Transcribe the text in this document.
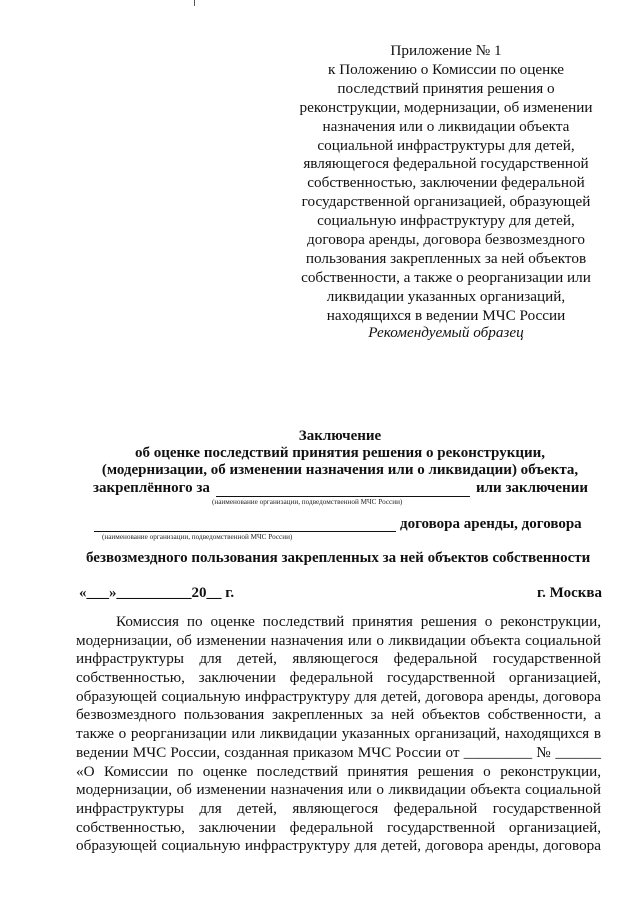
Приложение № 1
к Положению о Комиссии по оценке
последствий принятия решения о
реконструкции, модернизации, об изменении
назначения или о ликвидации объекта
социальной инфраструктуры для детей,
являющегося федеральной государственной
собственностью, заключении федеральной
государственной организацией, образующей
социальную инфраструктуру для детей,
договора аренды, договора безвозмездного
пользования закрепленных за ней объектов
собственности, а также о реорганизации или
ликвидации указанных организаций,
находящихся в ведении МЧС России
Рекомендуемый образец
Заключение
об оценке последствий принятия решения о реконструкции,
(модернизации, об изменении назначения или о ликвидации) объекта,
закреплённого за	или заключении
(наименование организации, подведомственной МЧС России)
договора аренды, договора
(наименование организации, подведомственной МЧС России)
безвозмездного пользования закрепленных за ней объектов собственности
«___»__________20__ г.	г. Москва
Комиссия по оценке последствий принятия решения о реконструкции,
модернизации, об изменении назначения или о ликвидации объекта социальной
инфраструктуры для детей, являющегося федеральной государственной
собственностью, заключении федеральной государственной организацией,
образующей социальную инфраструктуру для детей, договора аренды, договора
безвозмездного пользования закрепленных за ней объектов собственности, а
также о реорганизации или ликвидации указанных организаций, находящихся в
ведении МЧС России, созданная приказом МЧС России от _________ № ______
«О Комиссии по оценке последствий принятия решения о реконструкции,
модернизации, об изменении назначения или о ликвидации объекта социальной
инфраструктуры для детей, являющегося федеральной государственной
собственностью, заключении федеральной государственной организацией,
образующей социальную инфраструктуру для детей, договора аренды, договора
